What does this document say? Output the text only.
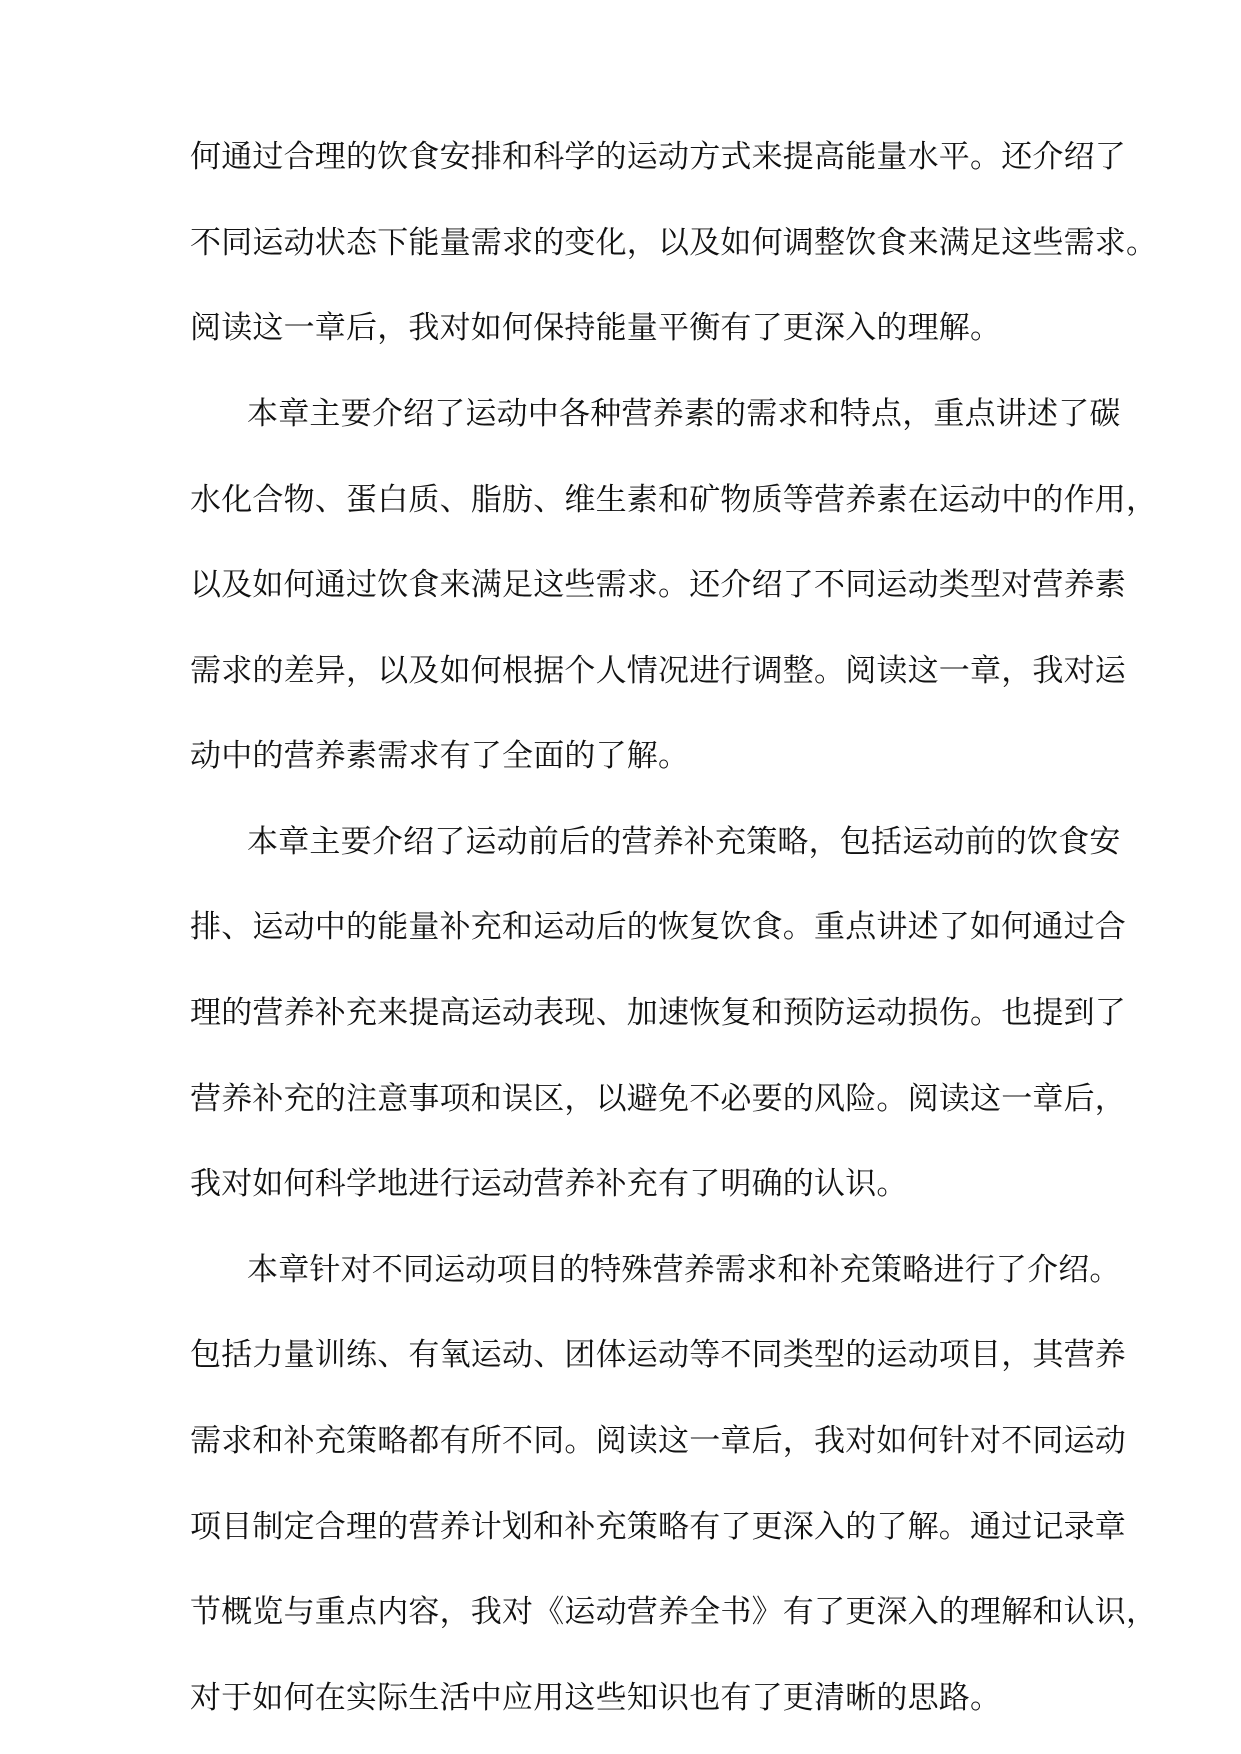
何通过合理的饮食安排和科学的运动方式来提高能量水平。还介绍了
不同运动状态下能量需求的变化，以及如何调整饮食来满足这些需求。
阅读这一章后，我对如何保持能量平衡有了更深入的理解。
本章主要介绍了运动中各种营养素的需求和特点，重点讲述了碳
水化合物、蛋白质、脂肪、维生素和矿物质等营养素在运动中的作用，
以及如何通过饮食来满足这些需求。还介绍了不同运动类型对营养素
需求的差异，以及如何根据个人情况进行调整。阅读这一章，我对运
动中的营养素需求有了全面的了解。
本章主要介绍了运动前后的营养补充策略，包括运动前的饮食安
排、运动中的能量补充和运动后的恢复饮食。重点讲述了如何通过合
理的营养补充来提高运动表现、加速恢复和预防运动损伤。也提到了
营养补充的注意事项和误区，以避免不必要的风险。阅读这一章后，
我对如何科学地进行运动营养补充有了明确的认识。
本章针对不同运动项目的特殊营养需求和补充策略进行了介绍。
包括力量训练、有氧运动、团体运动等不同类型的运动项目，其营养
需求和补充策略都有所不同。阅读这一章后，我对如何针对不同运动
项目制定合理的营养计划和补充策略有了更深入的了解。通过记录章
节概览与重点内容，我对《运动营养全书》有了更深入的理解和认识，
对于如何在实际生活中应用这些知识也有了更清晰的思路。
